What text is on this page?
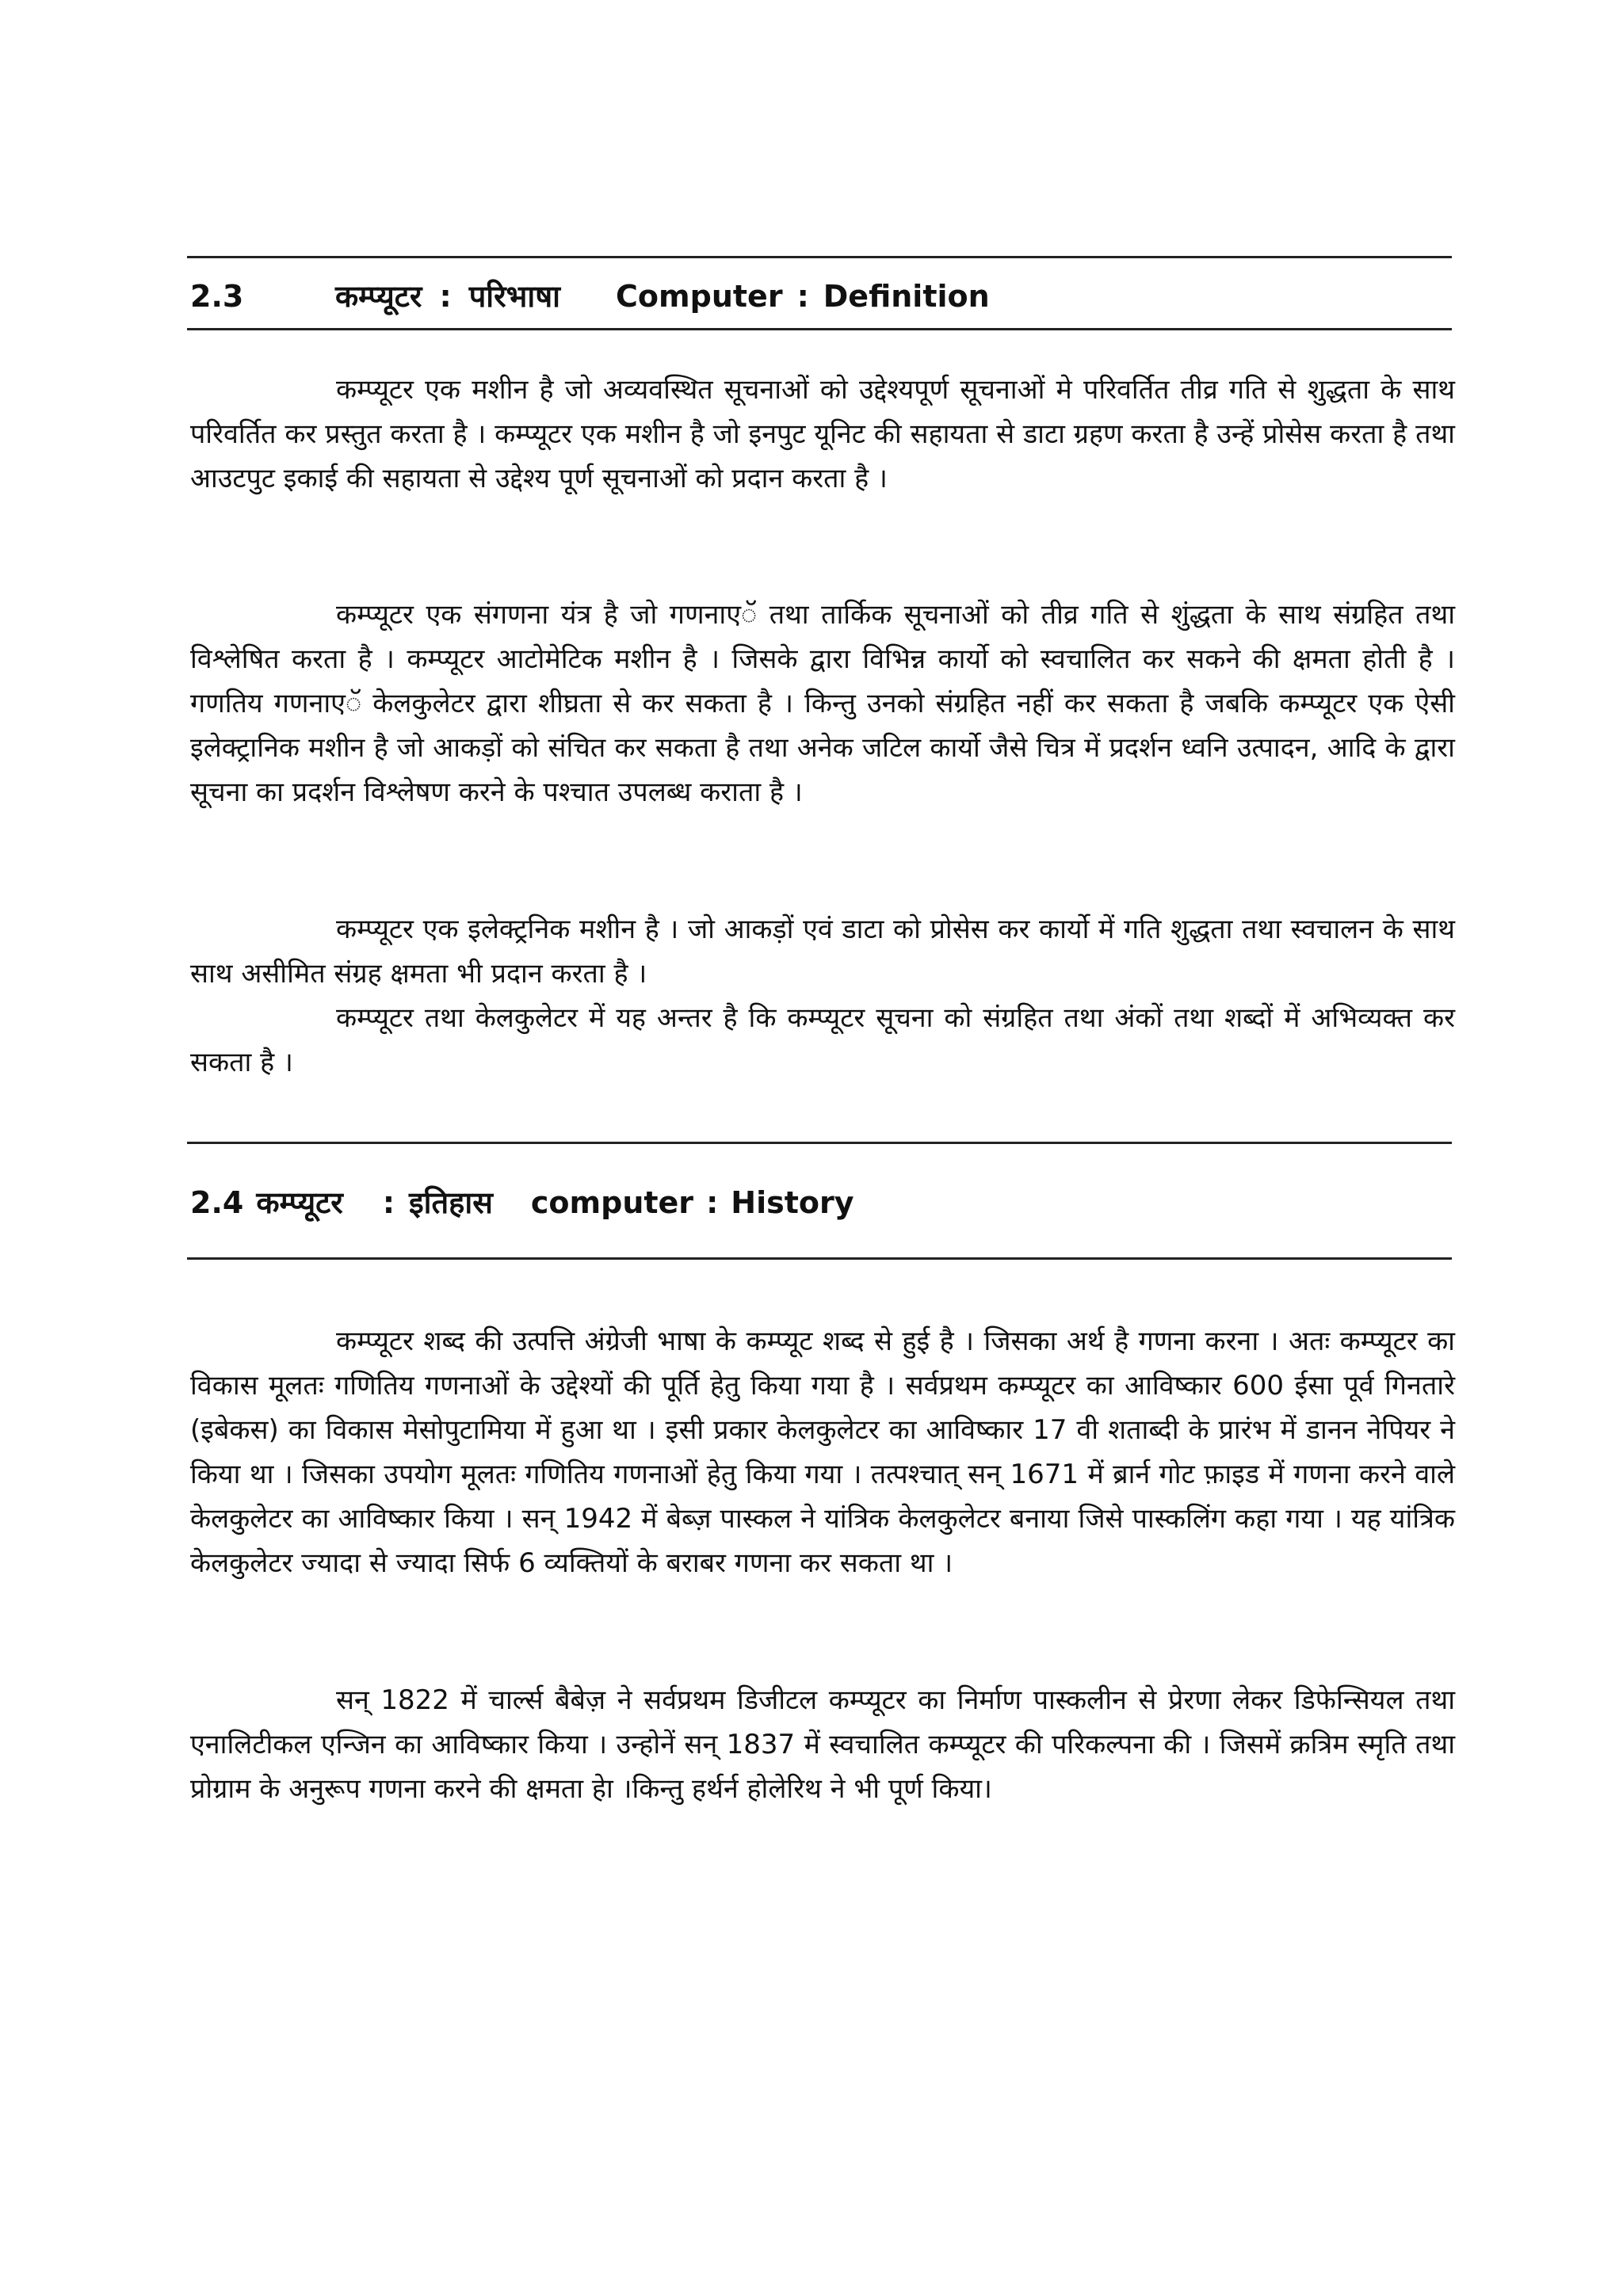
2.3	कम्प्यूटर : परिभाषा Computer : Definition

कम्प्यूटर एक मशीन है जो अव्यवस्थित सूचनाओं को उद्देश्यपूर्ण सूचनाओं मे परिवर्तित तीव्र गति से शुद्धता के साथ परिवर्तित कर प्रस्तुत करता है । कम्प्यूटर एक मशीन है जो इनपुट यूनिट की सहायता से डाटा ग्रहण करता है उन्हें प्रोसेस करता है तथा आउटपुट इकाई की सहायता से उद्देश्य पूर्ण सूचनाओं को प्रदान करता है ।

कम्प्यूटर एक संगणना यंत्र है जो गणनाएॅ तथा तार्किक सूचनाओं को तीव्र गति से शुंद्धता के साथ संग्रहित तथा विश्लेषित करता है । कम्प्यूटर आटोमेटिक मशीन है । जिसके द्वारा विभिन्न कार्यो को स्वचालित कर सकने की क्षमता होती है । गणतिय गणनाएॅ केलकुलेटर द्वारा शीघ्रता से कर सकता है । किन्तु उनको संग्रहित नहीं कर सकता है जबकि कम्प्यूटर एक ऐसी इलेक्ट्रानिक मशीन है जो आकड़ों को संचित कर सकता है तथा अनेक जटिल कार्यो जैसे चित्र में प्रदर्शन ध्वनि उत्पादन, आदि के द्वारा सूचना का प्रदर्शन विश्लेषण करने के पश्चात उपलब्ध कराता है ।

कम्प्यूटर एक इलेक्ट्रनिक मशीन है । जो आकड़ों एवं डाटा को प्रोसेस कर कार्यो में गति शुद्धता तथा स्वचालन के साथ साथ असीमित संग्रह क्षमता भी प्रदान करता है ।

कम्प्यूटर तथा केलकुलेटर में यह अन्तर है कि कम्प्यूटर सूचना को संग्रहित तथा अंकों तथा शब्दों में अभिव्यक्त कर सकता है ।

2.4 कम्प्यूटर : इतिहास computer : History

कम्प्यूटर शब्द की उत्पत्ति अंग्रेजी भाषा के कम्प्यूट शब्द से हुई है । जिसका अर्थ है गणना करना । अतः कम्प्यूटर का विकास मूलतः गणितिय गणनाओं के उद्देश्यों की पूर्ति हेतु किया गया है । सर्वप्रथम कम्प्यूटर का आविष्कार 600 ईसा पूर्व गिनतारे (इबेकस) का विकास मेसोपुटामिया में हुआ था । इसी प्रकार केलकुलेटर का आविष्कार 17 वी शताब्दी के प्रारंभ में डानन नेपियर ने किया था । जिसका उपयोग मूलतः गणितिय गणनाओं हेतु किया गया । तत्पश्चात् सन् 1671 में ब्रार्न गोट फ़ाइड में गणना करने वाले केलकुलेटर का आविष्कार किया । सन् 1942 में बेब्ज़ पास्कल ने यांत्रिक केलकुलेटर बनाया जिसे पास्कलिंग कहा गया । यह यांत्रिक केलकुलेटर ज्यादा से ज्यादा सिर्फ 6 व्यक्तियों के बराबर गणना कर सकता था ।

सन् 1822 में चार्ल्स बैबेज़ ने सर्वप्रथम डिजीटल कम्प्यूटर का निर्माण पास्कलीन से प्रेरणा लेकर डिफेन्सियल तथा एनालिटीकल एन्जिन का आविष्कार किया । उन्होनें सन् 1837 में स्वचालित कम्प्यूटर की परिकल्पना की । जिसमें क्रत्रिम स्मृति तथा प्रोग्राम के अनुरूप गणना करने की क्षमता हेा ।किन्तु हर्थर्न होलेरिथ ने भी पूर्ण किया।
